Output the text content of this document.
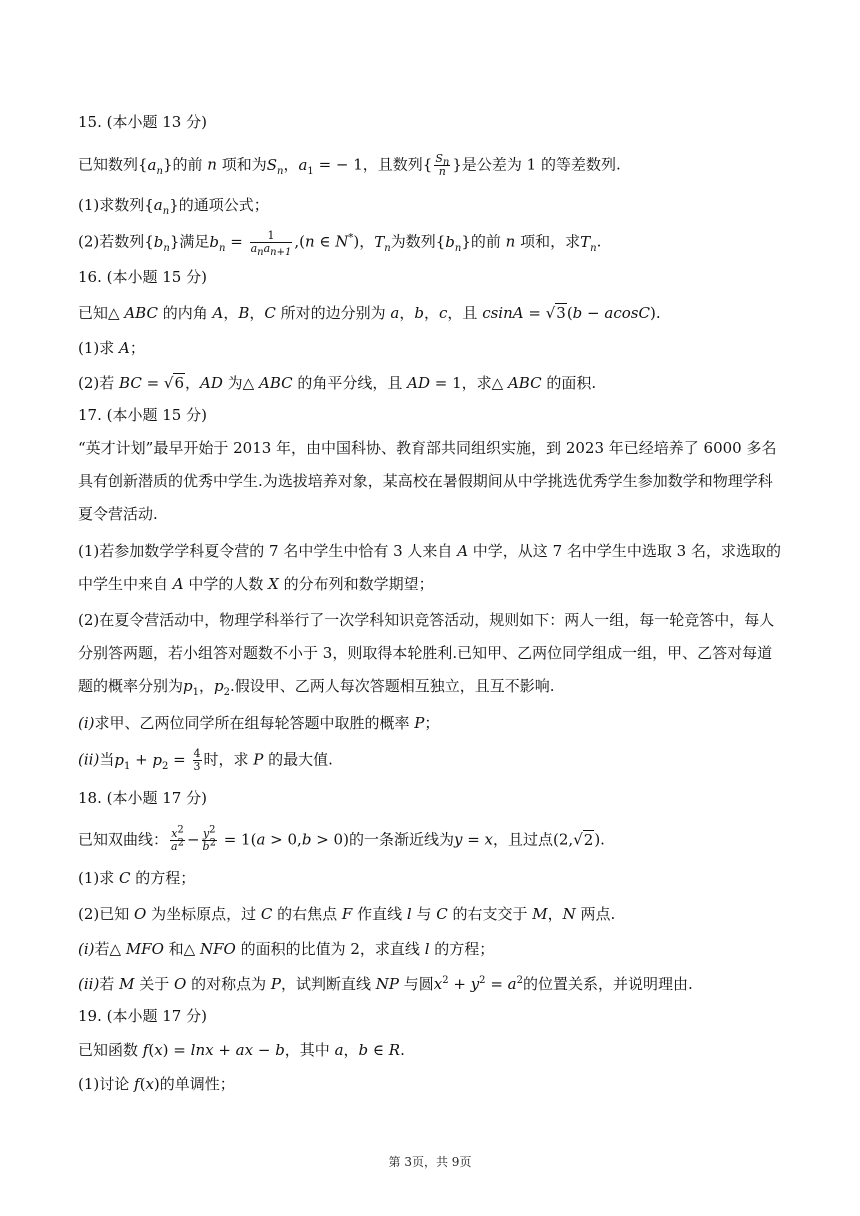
15. (本小题 13 分)
已知数列$\{a_n\}$的前 n 项和为$S_n$，$a_1$ = − 1，且数列{ $\frac{S_n}{n}$ }是公差为 1 的等差数列.
(1)求数列$\{a_n\}$的通项公式；
(2)若数列$\{b_n\}$满足$b_n = \frac{1}{a_na_{n+1}} ,(n$ ∈ N*)，$T_n$为数列$\{b_n\}$的前 n 项和，求$T_n$.
16. (本小题 15 分)
已知△ ABC 的内角 A，B，C 所对的边分别为 a，b，c，且 csinA = √3(b − acosC).
(1)求 A；
(2)若 BC = √6，AD 为△ ABC 的角平分线，且 AD = 1，求△ ABC 的面积.
17. (本小题 15 分)
“英才计划”最早开始于 2013 年，由中国科协、教育部共同组织实施，到 2023 年已经培养了 6000 多名
具有创新潜质的优秀中学生.为选拔培养对象，某高校在暑假期间从中学挑选优秀学生参加数学和物理学科
夏令营活动.
(1)若参加数学学科夏令营的 7 名中学生中恰有 3 人来自 A 中学，从这 7 名中学生中选取 3 名，求选取的
中学生中来自 A 中学的人数 X 的分布列和数学期望；
(2)在夏令营活动中，物理学科举行了一次学科知识竞答活动，规则如下：两人一组，每一轮竞答中，每人
分别答两题，若小组答对题数不小于 3，则取得本轮胜利.已知甲、乙两位同学组成一组，甲、乙答对每道
题的概率分别为$p_1$，$p_2$.假设甲、乙两人每次答题相互独立，且互不影响.
(i)求甲、乙两位同学所在组每轮答题中取胜的概率 P；
(ii)当$p_1 + p_2 = \frac{4}{3}$ 时，求 P 的最大值.
18. (本小题 17 分)
已知双曲线： $\frac{x^2}{a^2} - \frac{y^2}{b^2} = 1(a > 0,b > 0)$的一条渐近线为y = x，且过点(2,√2).
(1)求 C 的方程；
(2)已知 O 为坐标原点，过 C 的右焦点 F 作直线 l 与 C 的右支交于 M，N 两点.
(i)若△ MFO 和△ NFO 的面积的比值为 2，求直线 l 的方程；
(ii)若 M 关于 O 的对称点为 P，试判断直线 NP 与圆$x^2 + y^2 = a^2$的位置关系，并说明理由.
19. (本小题 17 分)
已知函数 f(x) = lnx + ax − b，其中 a，b ∈ R.
(1)讨论 f(x)的单调性；
第 3页，共 9页
